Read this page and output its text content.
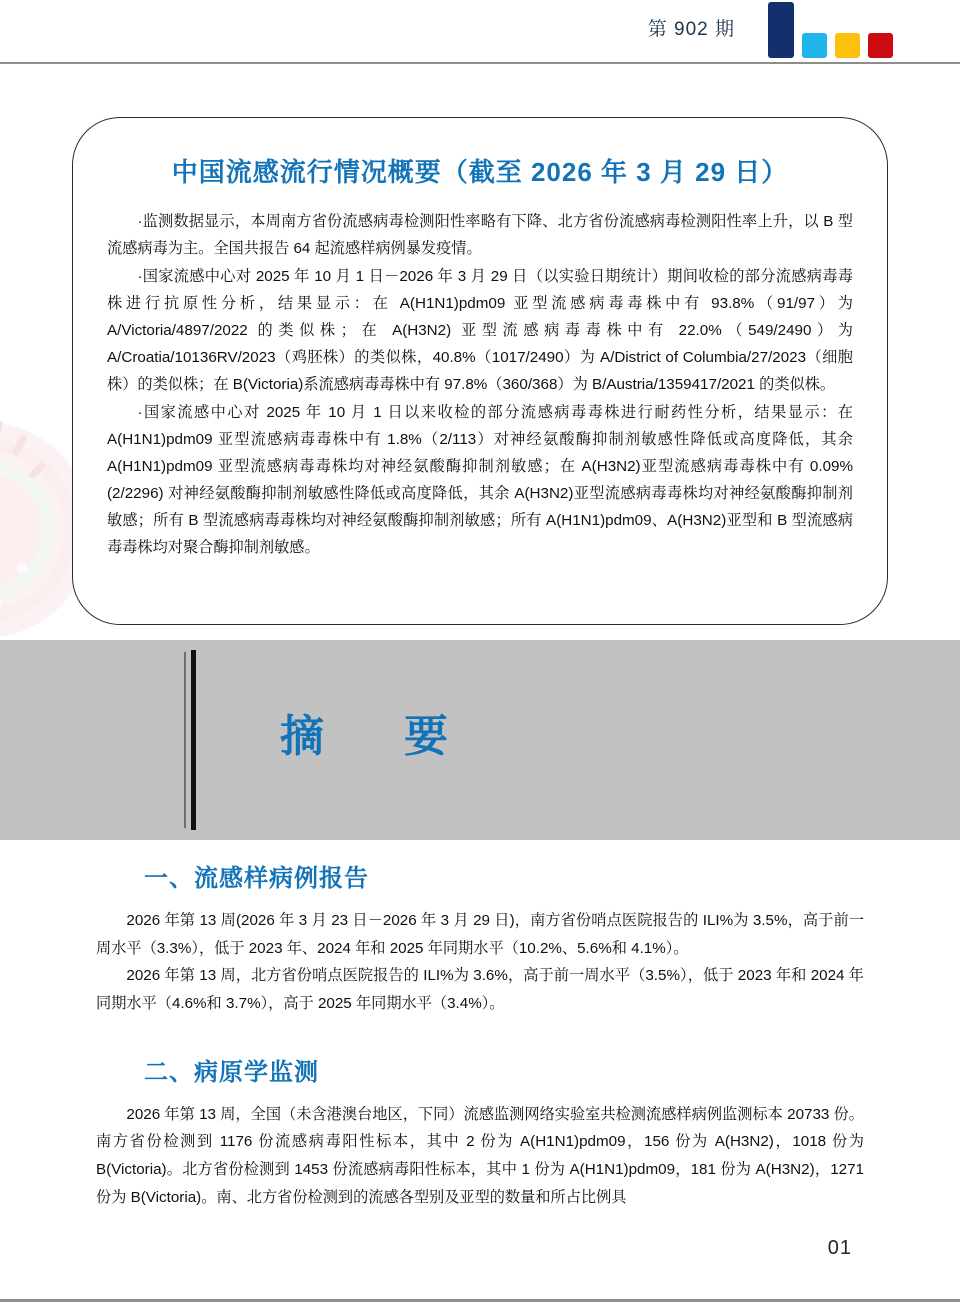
第 902 期
中国流感流行情况概要（截至 2026 年 3 月 29 日）

·监测数据显示，本周南方省份流感病毒检测阳性率略有下降、北方省份流感病毒检测阳性率上升，以 B 型流感病毒为主。全国共报告 64 起流感样病例暴发疫情。

·国家流感中心对 2025 年 10 月 1 日－2026 年 3 月 29 日（以实验日期统计）期间收检的部分流感病毒毒株进行抗原性分析，结果显示：在 A(H1N1)pdm09 亚型流感病毒毒株中有 93.8%（91/97）为 A/Victoria/4897/2022 的类似株；在 A(H3N2) 亚型流感病毒毒株中有 22.0%（549/2490）为 A/Croatia/10136RV/2023（鸡胚株）的类似株，40.8%（1017/2490）为 A/District of Columbia/27/2023（细胞株）的类似株；在 B(Victoria)系流感病毒毒株中有 97.8%（360/368）为 B/Austria/1359417/2021 的类似株。

·国家流感中心对 2025 年 10 月 1 日以来收检的部分流感病毒毒株进行耐药性分析，结果显示：在 A(H1N1)pdm09 亚型流感病毒毒株中有 1.8%（2/113）对神经氨酸酶抑制剂敏感性降低或高度降低，其余 A(H1N1)pdm09 亚型流感病毒毒株均对神经氨酸酶抑制剂敏感；在 A(H3N2)亚型流感病毒毒株中有 0.09%(2/2296) 对神经氨酸酶抑制剂敏感性降低或高度降低，其余 A(H3N2)亚型流感病毒毒株均对神经氨酸酶抑制剂敏感；所有 B 型流感病毒毒株均对神经氨酸酶抑制剂敏感；所有 A(H1N1)pdm09、A(H3N2)亚型和 B 型流感病毒毒株均对聚合酶抑制剂敏感。

摘　要
一、流感样病例报告

2026 年第 13 周(2026 年 3 月 23 日－2026 年 3 月 29 日)，南方省份哨点医院报告的 ILI%为 3.5%，高于前一周水平（3.3%），低于 2023 年、2024 年和 2025 年同期水平（10.2%、5.6%和 4.1%）。

2026 年第 13 周，北方省份哨点医院报告的 ILI%为 3.6%，高于前一周水平（3.5%），低于 2023 年和 2024 年同期水平（4.6%和 3.7%），高于 2025 年同期水平（3.4%）。

二、病原学监测

2026 年第 13 周，全国（未含港澳台地区，下同）流感监测网络实验室共检测流感样病例监测标本 20733 份。南方省份检测到 1176 份流感病毒阳性标本，其中 2 份为 A(H1N1)pdm09，156 份为 A(H3N2)，1018 份为 B(Victoria)。北方省份检测到 1453 份流感病毒阳性标本，其中 1 份为 A(H1N1)pdm09，181 份为 A(H3N2)，1271 份为 B(Victoria)。南、北方省份检测到的流感各型别及亚型的数量和所占比例具

01
